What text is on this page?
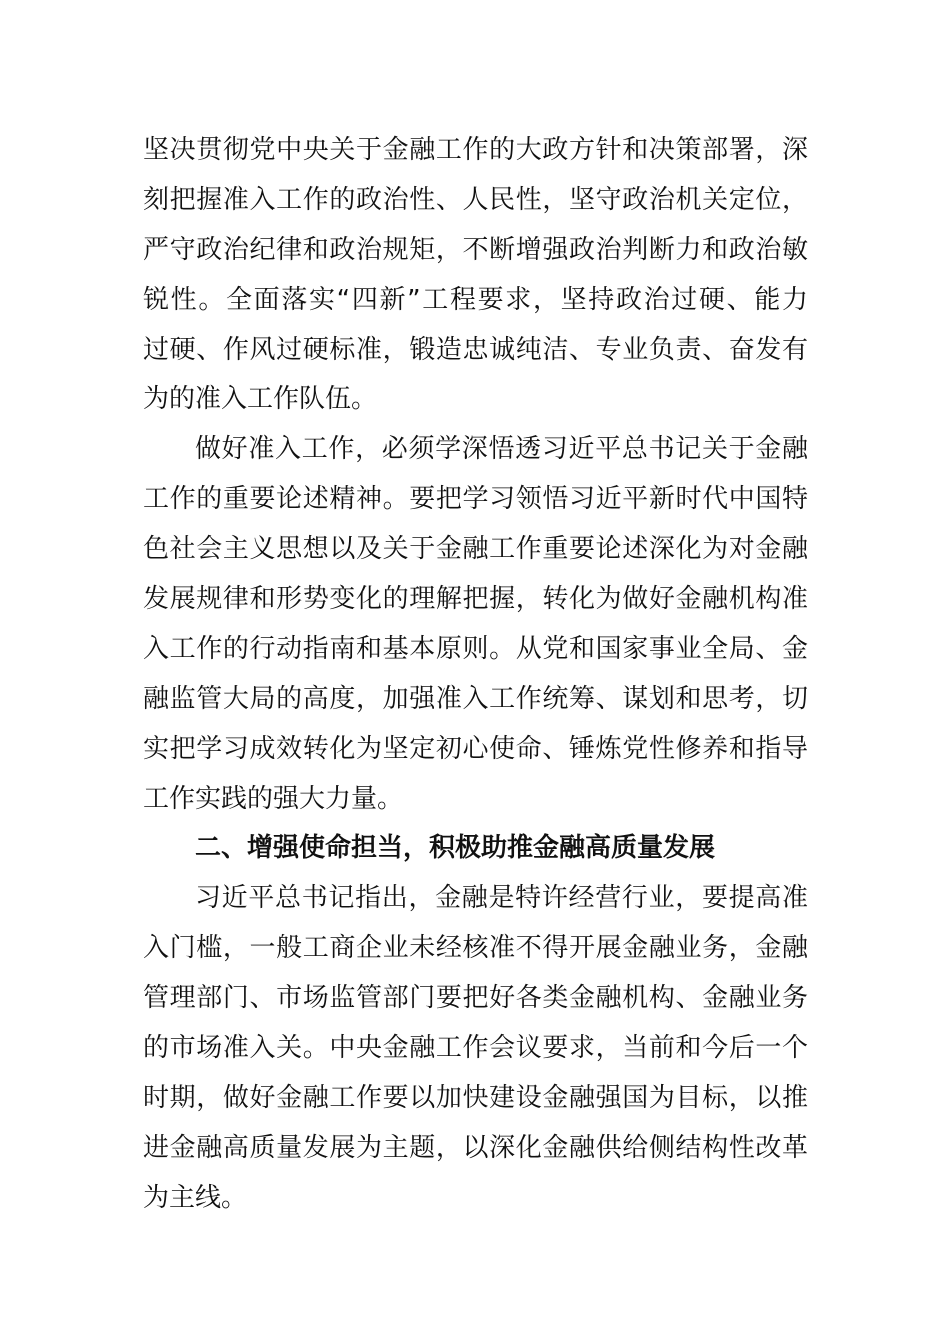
坚决贯彻党中央关于金融工作的大政方针和决策部署，深
刻把握准入工作的政治性、人民性，坚守政治机关定位，
严守政治纪律和政治规矩，不断增强政治判断力和政治敏
锐性。全面落实“四新”工程要求，坚持政治过硬、能力
过硬、作风过硬标准，锻造忠诚纯洁、专业负责、奋发有
为的准入工作队伍。
做好准入工作，必须学深悟透习近平总书记关于金融
工作的重要论述精神。要把学习领悟习近平新时代中国特
色社会主义思想以及关于金融工作重要论述深化为对金融
发展规律和形势变化的理解把握，转化为做好金融机构准
入工作的行动指南和基本原则。从党和国家事业全局、金
融监管大局的高度，加强准入工作统筹、谋划和思考，切
实把学习成效转化为坚定初心使命、锤炼党性修养和指导
工作实践的强大力量。
二、增强使命担当，积极助推金融高质量发展
习近平总书记指出，金融是特许经营行业，要提高准
入门槛，一般工商企业未经核准不得开展金融业务，金融
管理部门、市场监管部门要把好各类金融机构、金融业务
的市场准入关。中央金融工作会议要求，当前和今后一个
时期，做好金融工作要以加快建设金融强国为目标，以推
进金融高质量发展为主题，以深化金融供给侧结构性改革
为主线。
